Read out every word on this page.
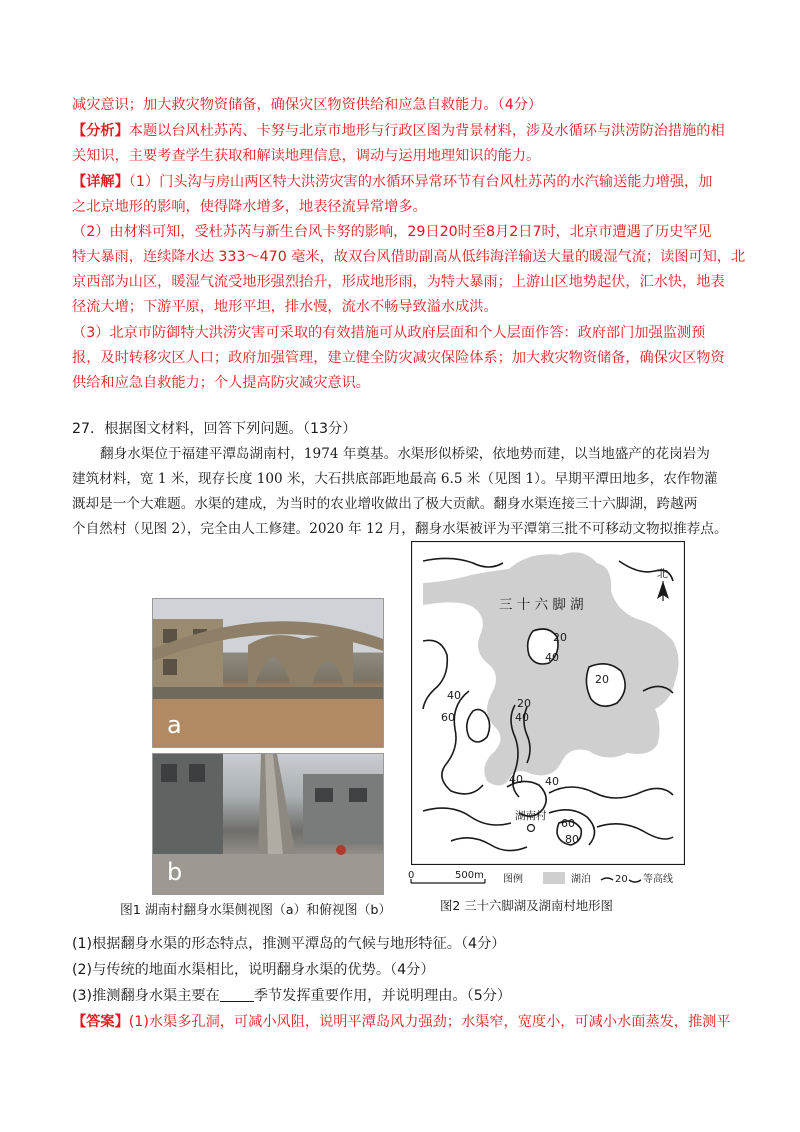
减灾意识；加大救灾物资储备，确保灾区物资供给和应急自救能力。（4分）
【分析】本题以台风杜苏芮、卡努与北京市地形与行政区图为背景材料，涉及水循环与洪涝防治措施的相
关知识，主要考查学生获取和解读地理信息，调动与运用地理知识的能力。
【详解】（1）门头沟与房山两区特大洪涝灾害的水循环异常环节有台风杜苏芮的水汽输送能力增强，加
之北京地形的影响，使得降水增多，地表径流异常增多。
（2）由材料可知，受杜苏芮与新生台风卡努的影响，29日20时至8月2日7时，北京市遭遇了历史罕见
特大暴雨，连续降水达 333～470 毫米，故双台风借助副高从低纬海洋输送大量的暖湿气流；读图可知，北
京西部为山区，暖湿气流受地形强烈抬升，形成地形雨，为特大暴雨；上游山区地势起伏，汇水快，地表
径流大增；下游平原，地形平坦，排水慢，流水不畅导致溢水成洪。
（3）北京市防御特大洪涝灾害可采取的有效措施可从政府层面和个人层面作答：政府部门加强监测预
报，及时转移灾区人口；政府加强管理，建立健全防灾减灾保险体系；加大救灾物资储备，确保灾区物资
供给和应急自救能力；个人提高防灾减灾意识。
27．根据图文材料，回答下列问题。（13分）
翻身水渠位于福建平潭岛湖南村，1974 年奠基。水渠形似桥梁，依地势而建，以当地盛产的花岗岩为
建筑材料，宽 1 米，现存长度 100 米，大石拱底部距地最高 6.5 米（见图 1）。早期平潭田地多，农作物灌
溉却是一个大难题。水渠的建成，为当时的农业增收做出了极大贡献。翻身水渠连接三十六脚湖，跨越两
个自然村（见图 2），完全由人工修建。2020 年 12 月，翻身水渠被评为平潭第三批不可移动文物拟推荐点。
a
b
图1 湖南村翻身水渠侧视图（a）和俯视图（b）
北
三 十 六 脚 湖
20
40
20
40
60
20
40
40 40
60
80
湖南村
0	500m 图例	湖泊 20 等高线
图2 三十六脚湖及湖南村地形图
(1)根据翻身水渠的形态特点，推测平潭岛的气候与地形特征。（4分）
(2)与传统的地面水渠相比，说明翻身水渠的优势。（4分）
(3)推测翻身水渠主要在 季节发挥重要作用，并说明理由。（5分）
【答案】(1)水渠多孔洞，可减小风阻，说明平潭岛风力强劲；水渠窄，宽度小，可减小水面蒸发，推测平
